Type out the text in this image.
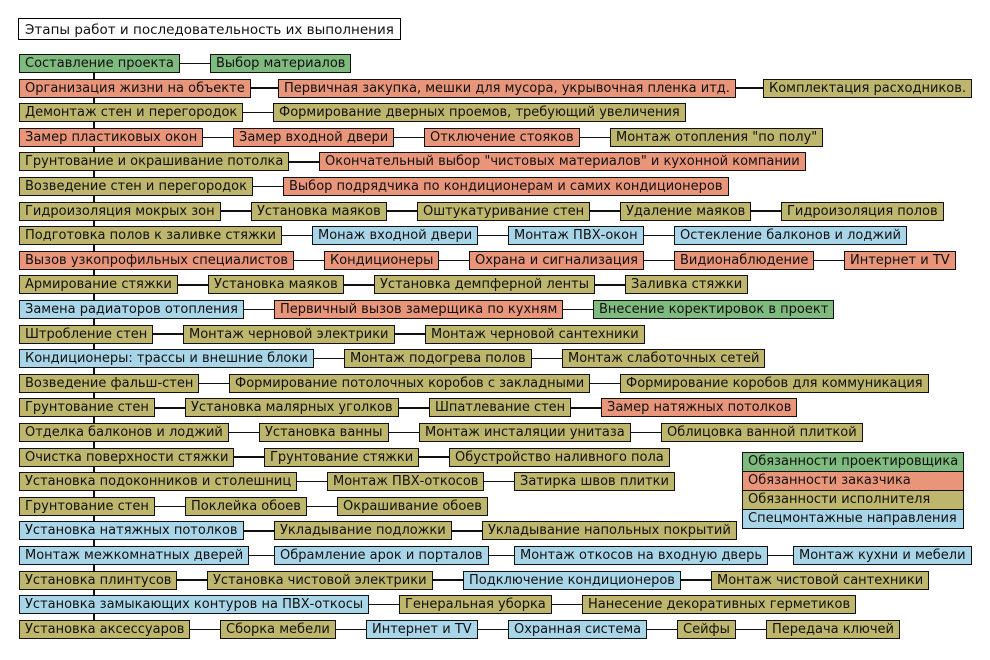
Этапы работ и последовательность их выполнения
Обязанности проектировщика
Обязанности заказчика
Обязанности исполнителя
Спецмонтажные направления
Составление проекта	Выбор материалов
Организация жизни на объекте	Первичная закупка, мешки для мусора, укрывочная пленка итд.	Комплектация расходников.
Демонтаж стен и перегородок	Формирование дверных проемов, требующий увеличения
Замер пластиковых окон	Замер входной двери	Отключение стояков	Монтаж отопления "по полу"
Грунтование и окрашивание потолка	Окончательный выбор "чистовых материалов" и кухонной компании
Возведение стен и перегородок	Выбор подрядчика по кондиционерам и самих кондиционеров
Гидроизоляция мокрых зон	Установка маяков	Оштукатуривание стен	Удаление маяков	Гидроизоляция полов
Подготовка полов к заливке стяжки	Монаж входной двери	Монтаж ПВХ-окон	Остекление балконов и лоджий
Вызов узкопрофильных специалистов	Кондиционеры	Охрана и сигнализация	Видионаблюдение	Интернет и TV
Армирование стяжки	Установка маяков	Установка демпферной ленты	Заливка стяжки
Замена радиаторов отопления	Первичный вызов замерщика по кухням	Внесение коректировок в проект
Штробление стен	Монтаж черновой электрики	Монтаж черновой сантехники
Кондиционеры: трассы и внешние блоки	Монтаж подогрева полов	Монтаж слаботочных сетей
Возведение фальш-стен	Формирование потолочных коробов с закладными	Формирование коробов для коммуникация
Грунтование стен	Установка малярных уголков	Шпатлевание стен	Замер натяжных потолков
Отделка балконов и лоджий	Установка ванны	Монтаж инсталяции унитаза	Облицовка ванной плиткой
Очистка поверхности стяжки	Грунтование стяжки	Обустройство наливного пола
Установка подоконников и столешниц	Монтаж ПВХ-откосов	Затирка швов плитки
Грунтование стен	Поклейка обоев	Окрашивание обоев
Установка натяжных потолков	Укладывание подложки	Укладывание напольных покрытий
Монтаж межкомнатных дверей	Обрамление арок и порталов	Монтаж откосов на входную дверь	Монтаж кухни и мебели
Установка плинтусов	Установка чистовой электрики	Подключение кондиционеров	Монтаж чистовой сантехники
Установка замыкающих контуров на ПВХ-откосы	Генеральная уборка	Нанесение декоративных герметиков
Установка аксессуаров	Сборка мебели	Интернет и TV	Охранная система	Сейфы	Передача ключей
